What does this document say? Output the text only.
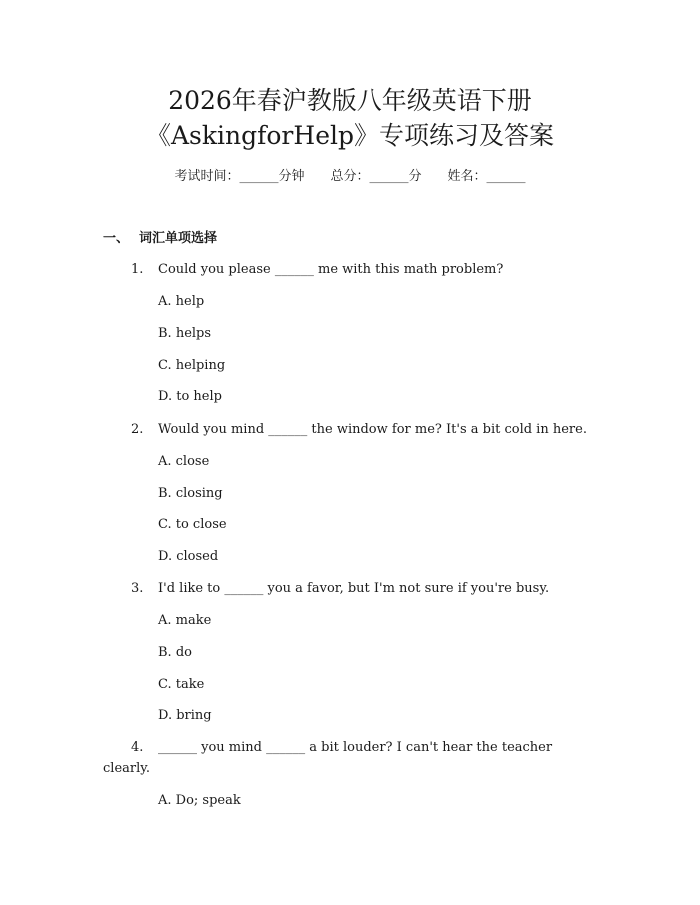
2026年春沪教版八年级英语下册
《AskingforHelp》专项练习及答案
考试时间：______分钟 总分：______分 姓名：______
一、 词汇单项选择
1. Could you please ______ me with this math problem?
A. help
B. helps
C. helping
D. to help
2. Would you mind ______ the window for me? It's a bit cold in here.
A. close
B. closing
C. to close
D. closed
3. I'd like to ______ you a favor, but I'm not sure if you're busy.
A. make
B. do
C. take
D. bring
4. ______ you mind ______ a bit louder? I can't hear the teacher
clearly.
A. Do; speak
